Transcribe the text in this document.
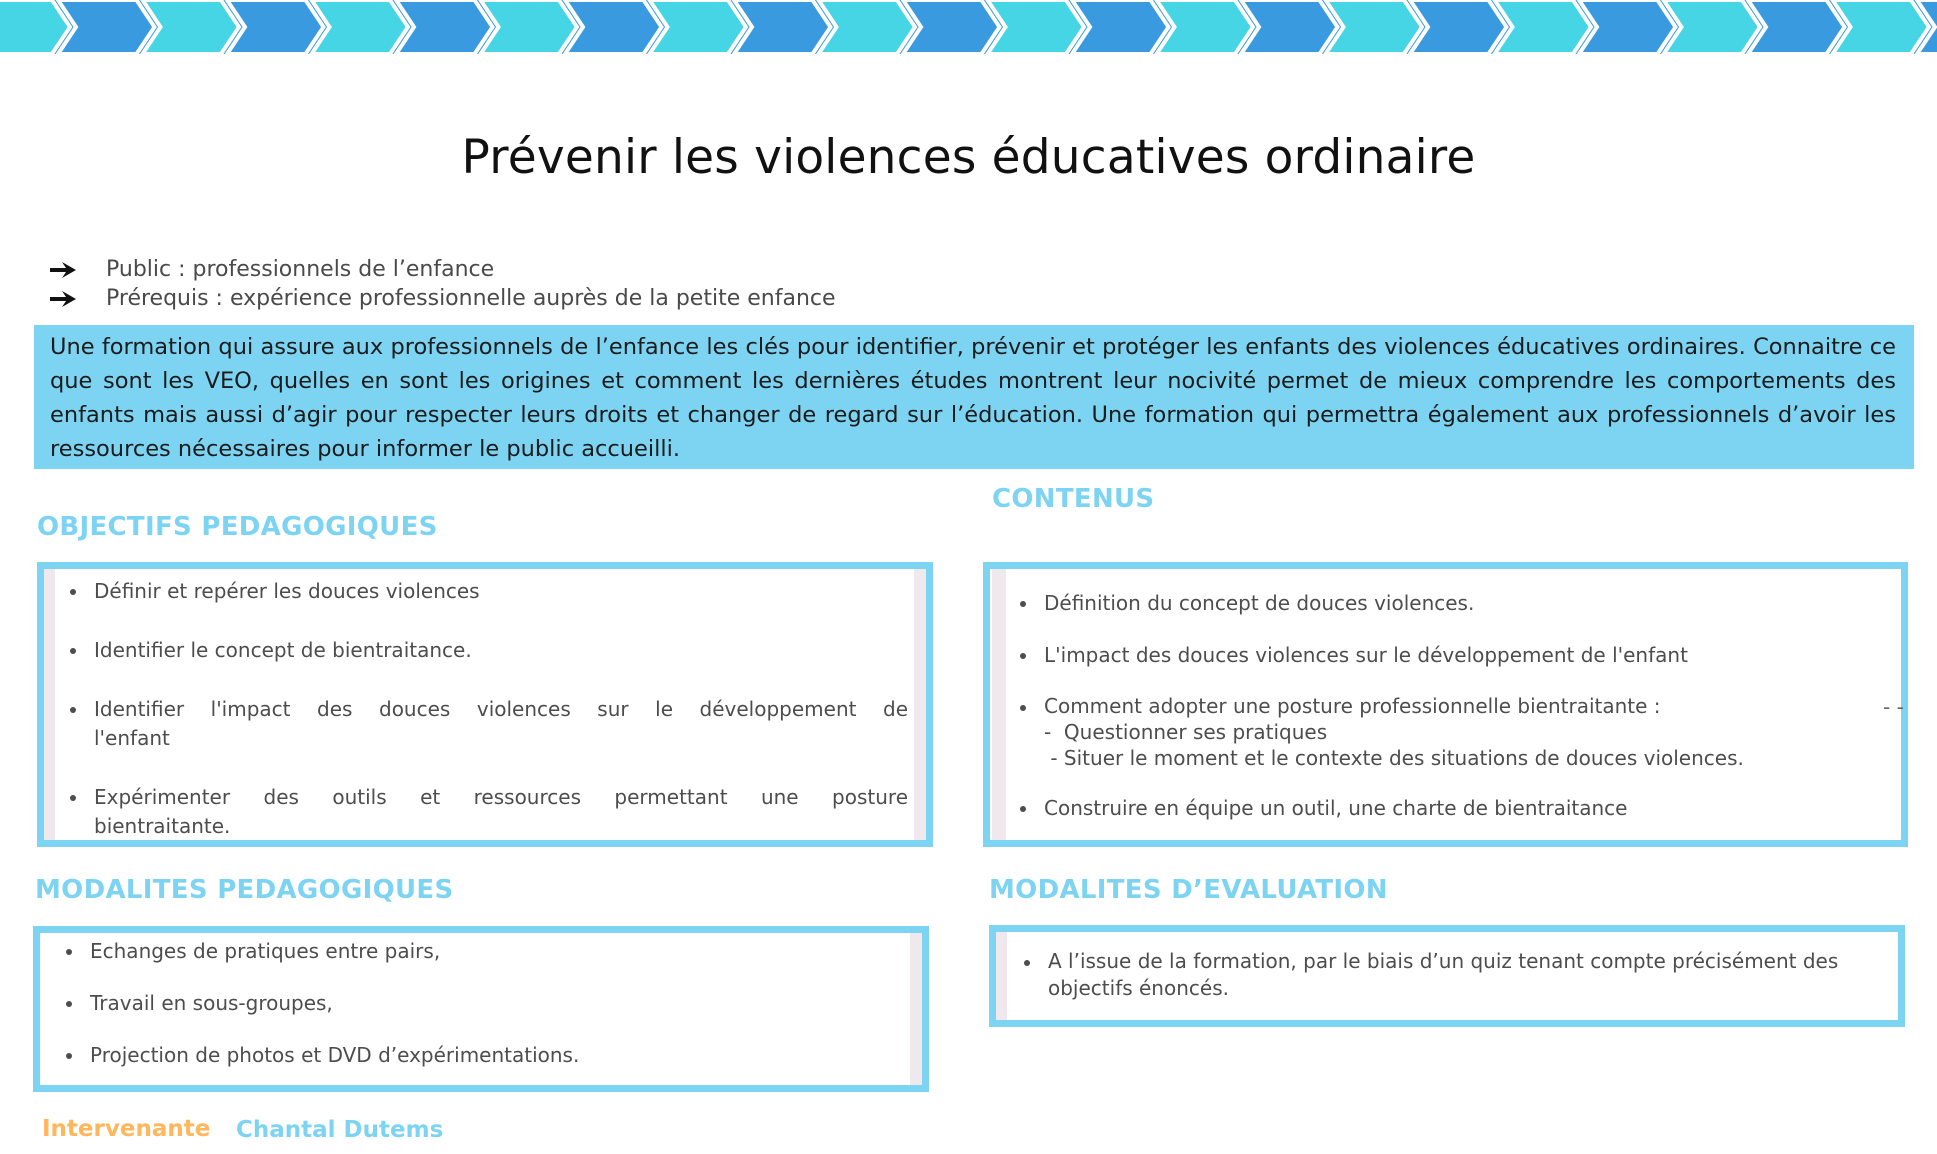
Prévenir les violences éducatives ordinaire
Public : professionnels de l’enfance
Prérequis : expérience professionnelle auprès de la petite enfance

Une formation qui assure aux professionnels de l’enfance les clés pour identifier, prévenir et protéger les enfants des violences éducatives ordinaires. Connaitre ce que sont les VEO, quelles en sont les origines et comment les dernières études montrent leur nocivité permet de mieux comprendre les comportements des enfants mais aussi d’agir pour respecter leurs droits et changer de regard sur l’éducation. Une formation qui permettra également aux professionnels d’avoir les ressources nécessaires pour informer le public accueilli.

OBJECTIFS PEDAGOGIQUES
Définir et repérer les douces violences
Identifier le concept de bientraitance.
Identifier l'impact des douces violences sur le développement de l'enfant
Expérimenter des outils et ressources permettant une posture bientraitante.
CONTENUS
Définition du concept de douces violences.
L'impact des douces violences sur le développement de l'enfant
Comment adopter une posture professionnelle bientraitante :
-  Questionner ses pratiques
- Situer le moment et le contexte des situations de douces violences.
Construire en équipe un outil, une charte de bientraitance
- -
MODALITES PEDAGOGIQUES
Echanges de pratiques entre pairs,
Travail en sous-groupes,
Projection de photos et DVD d’expérimentations.
MODALITES D’EVALUATION
A l’issue de la formation, par le biais d’un quiz tenant compte précisément des objectifs énoncés.
Intervenante Chantal Dutems
